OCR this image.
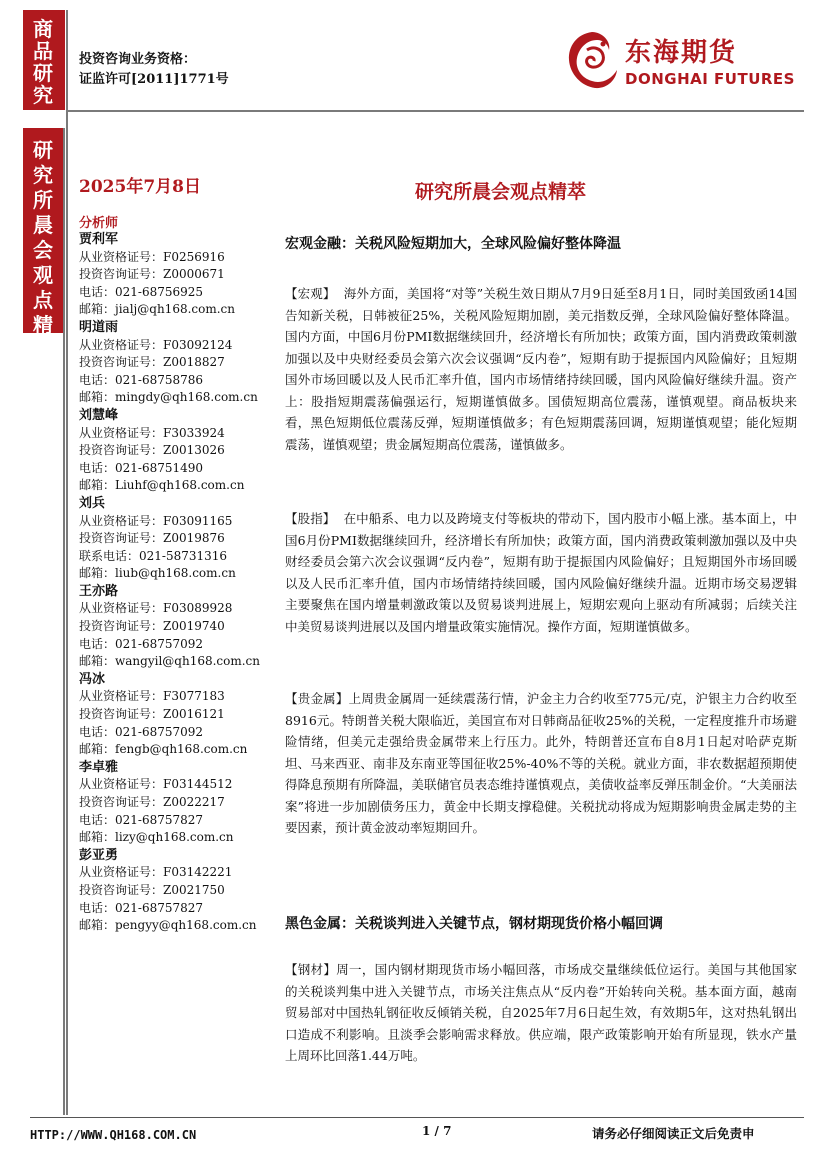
商品研究
研究所晨会观点精萃
投资咨询业务资格：
证监许可[2011]1771号
东海期货
DONGHAI FUTURES
2025年7月8日	研究所晨会观点精萃
分析师
贾利军
从业资格证号：F0256916
投资咨询证号：Z0000671
电话：021-68756925
邮箱：jialj@qh168.com.cn
明道雨
从业资格证号：F03092124
投资咨询证号：Z0018827
电话：021-68758786
邮箱：mingdy@qh168.com.cn
刘慧峰
从业资格证号：F3033924
投资咨询证号：Z0013026
电话：021-68751490
邮箱：Liuhf@qh168.com.cn
刘兵
从业资格证号：F03091165
投资咨询证号：Z0019876
联系电话：021-58731316
邮箱：liub@qh168.com.cn
王亦路
从业资格证号：F03089928
投资咨询证号：Z0019740
电话：021-68757092
邮箱：wangyil@qh168.com.cn
冯冰
从业资格证号：F3077183
投资咨询证号：Z0016121
电话：021-68757092
邮箱：fengb@qh168.com.cn
李卓雅
从业资格证号：F03144512
投资咨询证号：Z0022217
电话：021-68757827
邮箱：lizy@qh168.com.cn
彭亚勇
从业资格证号：F03142221
投资咨询证号：Z0021750
电话：021-68757827
邮箱：pengyy@qh168.com.cn
宏观金融：关税风险短期加大，全球风险偏好整体降温
【宏观】 海外方面，美国将“对等”关税生效日期从7月9日延至8月1日，同时美国致函14国告知新关税，日韩被征25%，关税风险短期加剧，美元指数反弹，全球风险偏好整体降温。国内方面，中国6月份PMI数据继续回升，经济增长有所加快；政策方面，国内消费政策刺激加强以及中央财经委员会第六次会议强调“反内卷”，短期有助于提振国内风险偏好；且短期国外市场回暖以及人民币汇率升值，国内市场情绪持续回暖，国内风险偏好继续升温。资产上：股指短期震荡偏强运行，短期谨慎做多。国债短期高位震荡，谨慎观望。商品板块来看，黑色短期低位震荡反弹，短期谨慎做多；有色短期震荡回调，短期谨慎观望；能化短期震荡，谨慎观望；贵金属短期高位震荡，谨慎做多。
【股指】 在中船系、电力以及跨境支付等板块的带动下，国内股市小幅上涨。基本面上，中国6月份PMI数据继续回升，经济增长有所加快；政策方面，国内消费政策刺激加强以及中央财经委员会第六次会议强调“反内卷”，短期有助于提振国内风险偏好；且短期国外市场回暖以及人民币汇率升值，国内市场情绪持续回暖，国内风险偏好继续升温。近期市场交易逻辑主要聚焦在国内增量刺激政策以及贸易谈判进展上，短期宏观向上驱动有所减弱；后续关注中美贸易谈判进展以及国内增量政策实施情况。操作方面，短期谨慎做多。
【贵金属】上周贵金属周一延续震荡行情，沪金主力合约收至775元/克，沪银主力合约收至8916元。特朗普关税大限临近，美国宣布对日韩商品征收25%的关税，一定程度推升市场避险情绪，但美元走强给贵金属带来上行压力。此外，特朗普还宣布自8月1日起对哈萨克斯坦、马来西亚、南非及东南亚等国征收25%-40%不等的关税。就业方面，非农数据超预期使得降息预期有所降温，美联储官员表态维持谨慎观点，美债收益率反弹压制金价。“大美丽法案”将进一步加剧债务压力，黄金中长期支撑稳健。关税扰动将成为短期影响贵金属走势的主要因素，预计黄金波动率短期回升。
黑色金属：关税谈判进入关键节点，钢材期现货价格小幅回调
【钢材】周一，国内钢材期现货市场小幅回落，市场成交量继续低位运行。美国与其他国家的关税谈判集中进入关键节点，市场关注焦点从“反内卷”开始转向关税。基本面方面，越南贸易部对中国热轧钢征收反倾销关税，自2025年7月6日起生效，有效期5年，这对热轧钢出口造成不利影响。且淡季会影响需求释放。供应端，限产政策影响开始有所显现，铁水产量上周环比回落1.44万吨。
HTTP://WWW.QH168.COM.CN	1 / 7	请务必仔细阅读正文后免责申
